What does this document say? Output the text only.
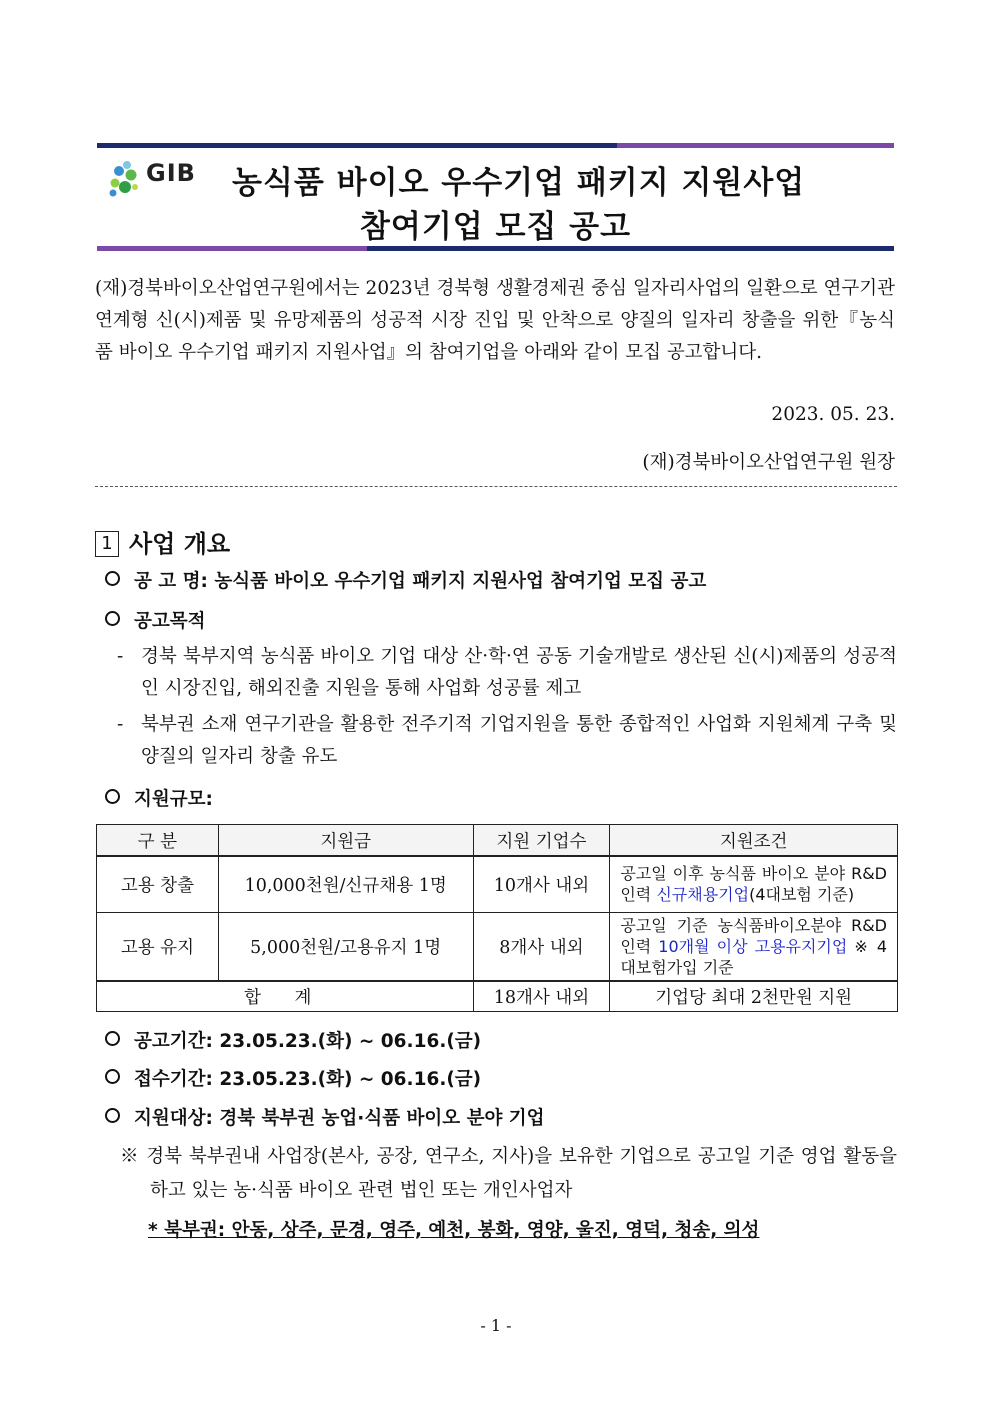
GIB 농식품 바이오 우수기업 패키지 지원사업
참여기업 모집 공고
(재)경북바이오산업연구원에서는 2023년 경북형 생활경제권 중심 일자리사업의 일환으로 연구기관 연계형 신(시)제품 및 유망제품의 성공적 시장 진입 및 안착으로 양질의 일자리 창출을 위한『농식품 바이오 우수기업 패키지 지원사업』의 참여기업을 아래와 같이 모집 공고합니다.
2023. 05. 23.
(재)경북바이오산업연구원 원장
1 사업 개요
공 고 명: 농식품 바이오 우수기업 패키지 지원사업 참여기업 모집 공고
공고목적
- 경북 북부지역 농식품 바이오 기업 대상 산·학·연 공동 기술개발로 생산된 신(시)제품의 성공적인 시장진입, 해외진출 지원을 통해 사업화 성공률 제고
- 북부권 소재 연구기관을 활용한 전주기적 기업지원을 통한 종합적인 사업화 지원체계 구축 및 양질의 일자리 창출 유도
지원규모:
구 분	지원금	지원 기업수	지원조건
고용 창출	10,000천원/신규채용 1명	10개사 내외	공고일 이후 농식품 바이오 분야 R&D인력 신규채용기업(4대보험 기준)
고용 유지	5,000천원/고용유지 1명	8개사 내외	공고일 기준 농식품바이오분야 R&D인력 10개월 이상 고용유지기업 ※ 4대보험가입 기준
합 계		18개사 내외	기업당 최대 2천만원 지원
공고기간: 23.05.23.(화) ~ 06.16.(금)
접수기간: 23.05.23.(화) ~ 06.16.(금)
지원대상: 경북 북부권 농업·식품 바이오 분야 기업
※ 경북 북부권내 사업장(본사, 공장, 연구소, 지사)을 보유한 기업으로 공고일 기준 영업 활동을 하고 있는 농·식품 바이오 관련 법인 또는 개인사업자
* 북부권: 안동, 상주, 문경, 영주, 예천, 봉화, 영양, 울진, 영덕, 청송, 의성
- 1 -
